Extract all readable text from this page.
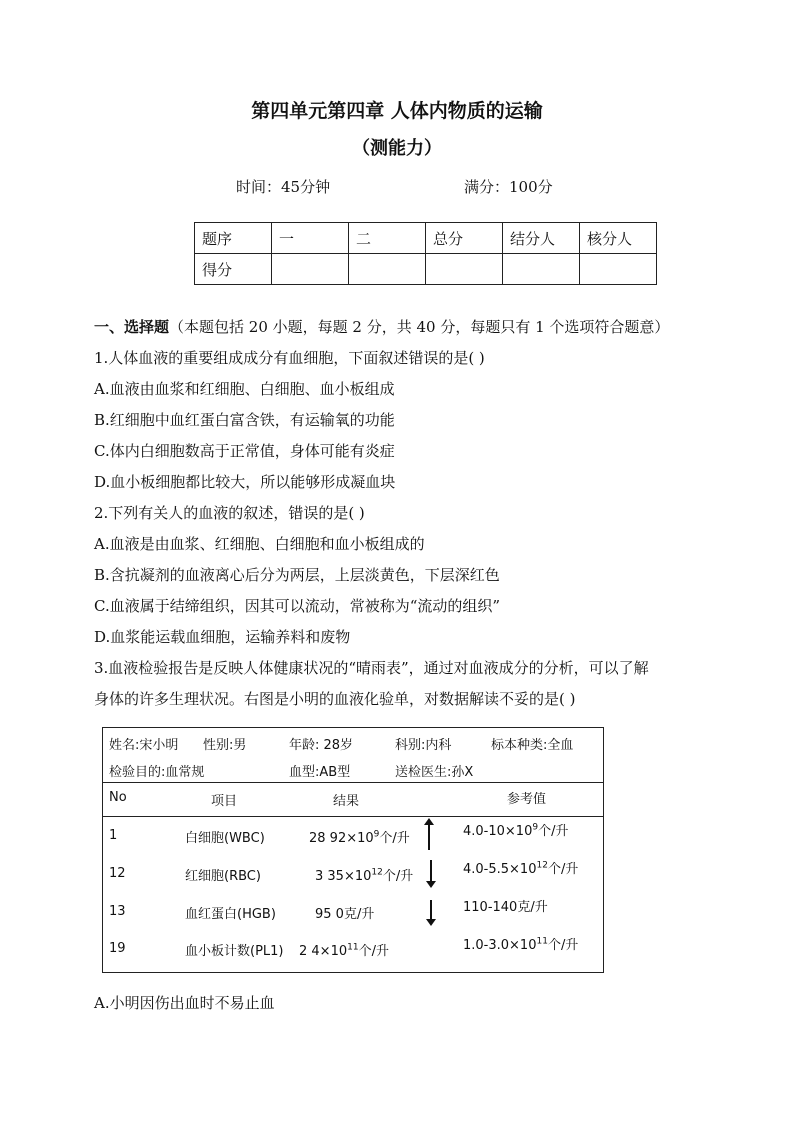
第四单元第四章 人体内物质的运输
（测能力）
时间：45分钟	满分：100分
题序	一	二	总分	结分人	核分人
得分					
一、选择题（本题包括 20 小题，每题 2 分，共 40 分，每题只有 1 个选项符合题意）
1.人体血液的重要组成成分有血细胞，下面叙述错误的是( )
A.血液由血浆和红细胞、白细胞、血小板组成
B.红细胞中血红蛋白富含铁，有运输氧的功能
C.体内白细胞数高于正常值，身体可能有炎症
D.血小板细胞都比较大，所以能够形成凝血块
2.下列有关人的血液的叙述，错误的是( )
A.血液是由血浆、红细胞、白细胞和血小板组成的
B.含抗凝剂的血液离心后分为两层，上层淡黄色，下层深红色
C.血液属于结缔组织，因其可以流动，常被称为“流动的组织”
D.血浆能运载血细胞，运输养料和废物
3.血液检验报告是反映人体健康状况的“晴雨表”，通过对血液成分的分析，可以了解
身体的许多生理状况。右图是小明的血液化验单，对数据解读不妥的是( )
姓名:宋小明 性别:男	年龄: 28岁	科别:内科	标本种类:全血
检验目的:血常规	血型:AB型	送检医生:孙X
No	项目	结果	参考值
1	白细胞(WBC)	28 $92\times 10^9$个/升	$4.0-10\times 10^9$个/升
12	红细胞(RBC)	3 $35\times 10^{12}$个/升	$4.0-5.5\times 10^{12}$个/升
13	血红蛋白(HGB)	95 0克/升	110-140克/升
19	血小板计数(PL1) 2 $4\times 10^{11}$个/升	$1.0-3.0\times 10^{11}$个/升
A.小明因伤出血时不易止血
